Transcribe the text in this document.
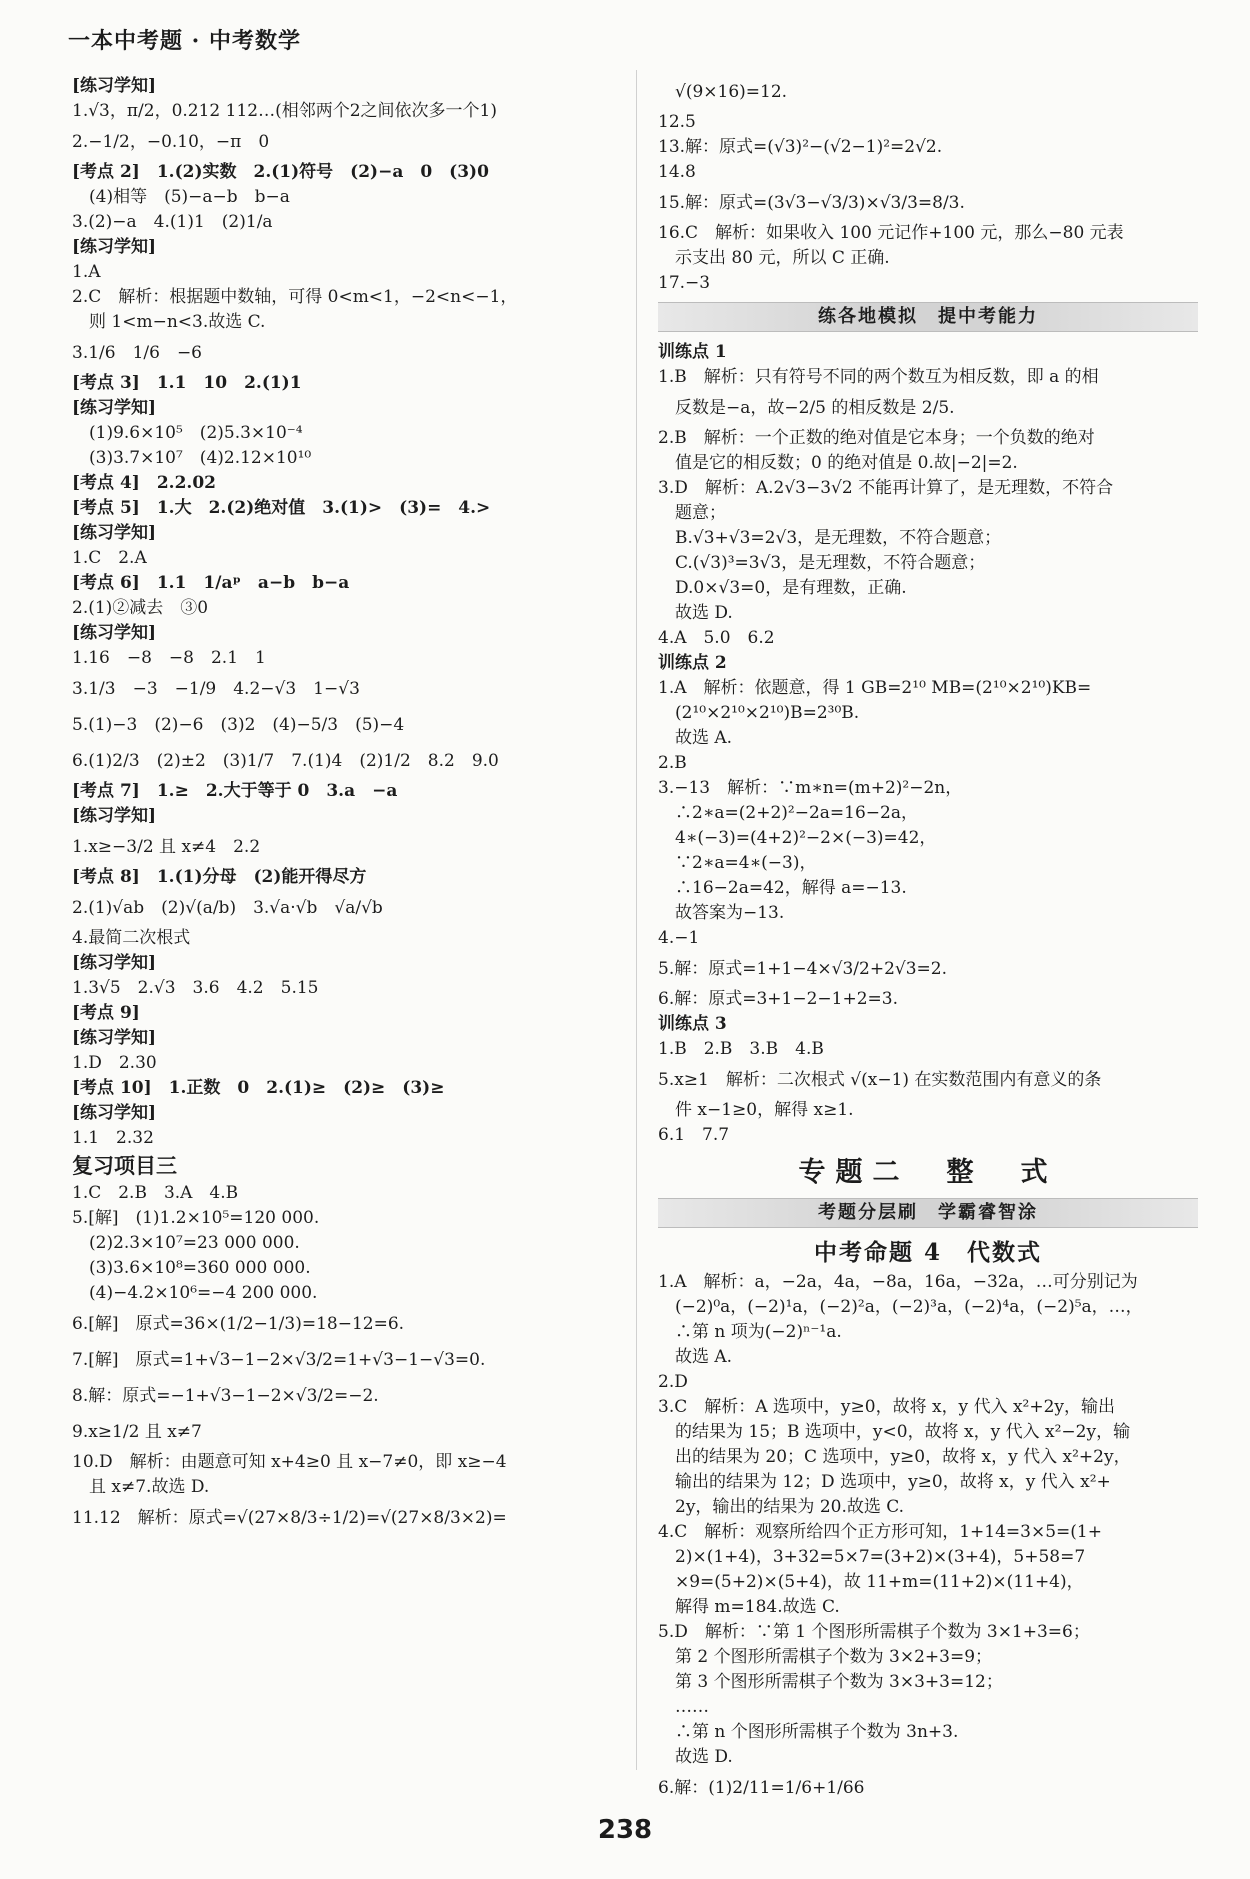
一本中考题 · 中考数学
[练习学知]
1.√3，π/2，0.212 112…(相邻两个2之间依次多一个1)
2.−1/2，−0.10，−π　0
[考点 2]　1.(2)实数　2.(1)符号　(2)−a　0　(3)0
　(4)相等　(5)−a−b　b−a
3.(2)−a　4.(1)1　(2)1/a
[练习学知]
1.A
2.C　解析：根据题中数轴，可得 0<m<1，−2<n<−1，
　则 1<m−n<3.故选 C.
3.1/6　1/6　−6
[考点 3]　1.1　10　2.(1)1
[练习学知]
　(1)9.6×10⁵　(2)5.3×10⁻⁴
　(3)3.7×10⁷　(4)2.12×10¹⁰
[考点 4]　2.2.02
[考点 5]　1.大　2.(2)绝对值　3.(1)>　(3)=　4.>
[练习学知]
1.C　2.A
[考点 6]　1.1　1/aᵖ　a−b　b−a
2.(1)②减去　③0
[练习学知]
1.16　−8　−8　2.1　1
3.1/3　−3　−1/9　4.2−√3　1−√3
5.(1)−3　(2)−6　(3)2　(4)−5/3　(5)−4
6.(1)2/3　(2)±2　(3)1/7　7.(1)4　(2)1/2　8.2　9.0
[考点 7]　1.≥　2.大于等于 0　3.a　−a
[练习学知]
1.x≥−3/2 且 x≠4　2.2
[考点 8]　1.(1)分母　(2)能开得尽方
2.(1)√ab　(2)√(a/b)　3.√a·√b　√a/√b
4.最简二次根式
[练习学知]
1.3√5　2.√3　3.6　4.2　5.15
[考点 9]
[练习学知]
1.D　2.30
[考点 10]　1.正数　0　2.(1)≥　(2)≥　(3)≥
[练习学知]
1.1　2.32
复习项目三
1.C　2.B　3.A　4.B
5.[解]　(1)1.2×10⁵=120 000.
　(2)2.3×10⁷=23 000 000.
　(3)3.6×10⁸=360 000 000.
　(4)−4.2×10⁶=−4 200 000.
6.[解]　原式=36×(1/2−1/3)=18−12=6.
7.[解]　原式=1+√3−1−2×√3/2=1+√3−1−√3=0.
8.解：原式=−1+√3−1−2×√3/2=−2.
9.x≥1/2 且 x≠7
10.D　解析：由题意可知 x+4≥0 且 x−7≠0，即 x≥−4
　且 x≠7.故选 D.
11.12　解析：原式=√(27×8/3÷1/2)=√(27×8/3×2)=
　√(9×16)=12.
12.5
13.解：原式=(√3)²−(√2−1)²=2√2.
14.8
15.解：原式=(3√3−√3/3)×√3/3=8/3.
16.C　解析：如果收入 100 元记作+100 元，那么−80 元表
　示支出 80 元，所以 C 正确.
17.−3
练各地模拟　提中考能力
训练点 1
1.B　解析：只有符号不同的两个数互为相反数，即 a 的相
　反数是−a，故−2/5 的相反数是 2/5.
2.B　解析：一个正数的绝对值是它本身；一个负数的绝对
　值是它的相反数；0 的绝对值是 0.故|−2|=2.
3.D　解析：A.2√3−3√2 不能再计算了，是无理数，不符合
　题意；
　B.√3+√3=2√3，是无理数，不符合题意；
　C.(√3)³=3√3，是无理数，不符合题意；
　D.0×√3=0，是有理数，正确.
　故选 D.
4.A　5.0　6.2
训练点 2
1.A　解析：依题意，得 1 GB=2¹⁰ MB=(2¹⁰×2¹⁰)KB=
　(2¹⁰×2¹⁰×2¹⁰)B=2³⁰B.
　故选 A.
2.B
3.−13　解析：∵m∗n=(m+2)²−2n，
　∴2∗a=(2+2)²−2a=16−2a，
　4∗(−3)=(4+2)²−2×(−3)=42，
　∵2∗a=4∗(−3)，
　∴16−2a=42，解得 a=−13.
　故答案为−13.
4.−1
5.解：原式=1+1−4×√3/2+2√3=2.
6.解：原式=3+1−2−1+2=3.
训练点 3
1.B　2.B　3.B　4.B
5.x≥1　解析：二次根式 √(x−1) 在实数范围内有意义的条
　件 x−1≥0，解得 x≥1.
6.1　7.7
专题二　整　式
考题分层刷　学霸睿智涂
中考命题 4　代数式
1.A　解析：a，−2a，4a，−8a，16a，−32a，…可分别记为
　(−2)⁰a，(−2)¹a，(−2)²a，(−2)³a，(−2)⁴a，(−2)⁵a，…，
　∴第 n 项为(−2)ⁿ⁻¹a.
　故选 A.
2.D
3.C　解析：A 选项中，y≥0，故将 x，y 代入 x²+2y，输出
　的结果为 15；B 选项中，y<0，故将 x，y 代入 x²−2y，输
　出的结果为 20；C 选项中，y≥0，故将 x，y 代入 x²+2y，
　输出的结果为 12；D 选项中，y≥0，故将 x，y 代入 x²+
　2y，输出的结果为 20.故选 C.
4.C　解析：观察所给四个正方形可知，1+14=3×5=(1+
　2)×(1+4)，3+32=5×7=(3+2)×(3+4)，5+58=7
　×9=(5+2)×(5+4)，故 11+m=(11+2)×(11+4)，
　解得 m=184.故选 C.
5.D　解析：∵第 1 个图形所需棋子个数为 3×1+3=6；
　第 2 个图形所需棋子个数为 3×2+3=9；
　第 3 个图形所需棋子个数为 3×3+3=12；
　……
　∴第 n 个图形所需棋子个数为 3n+3.
　故选 D.
6.解：(1)2/11=1/6+1/66
238
